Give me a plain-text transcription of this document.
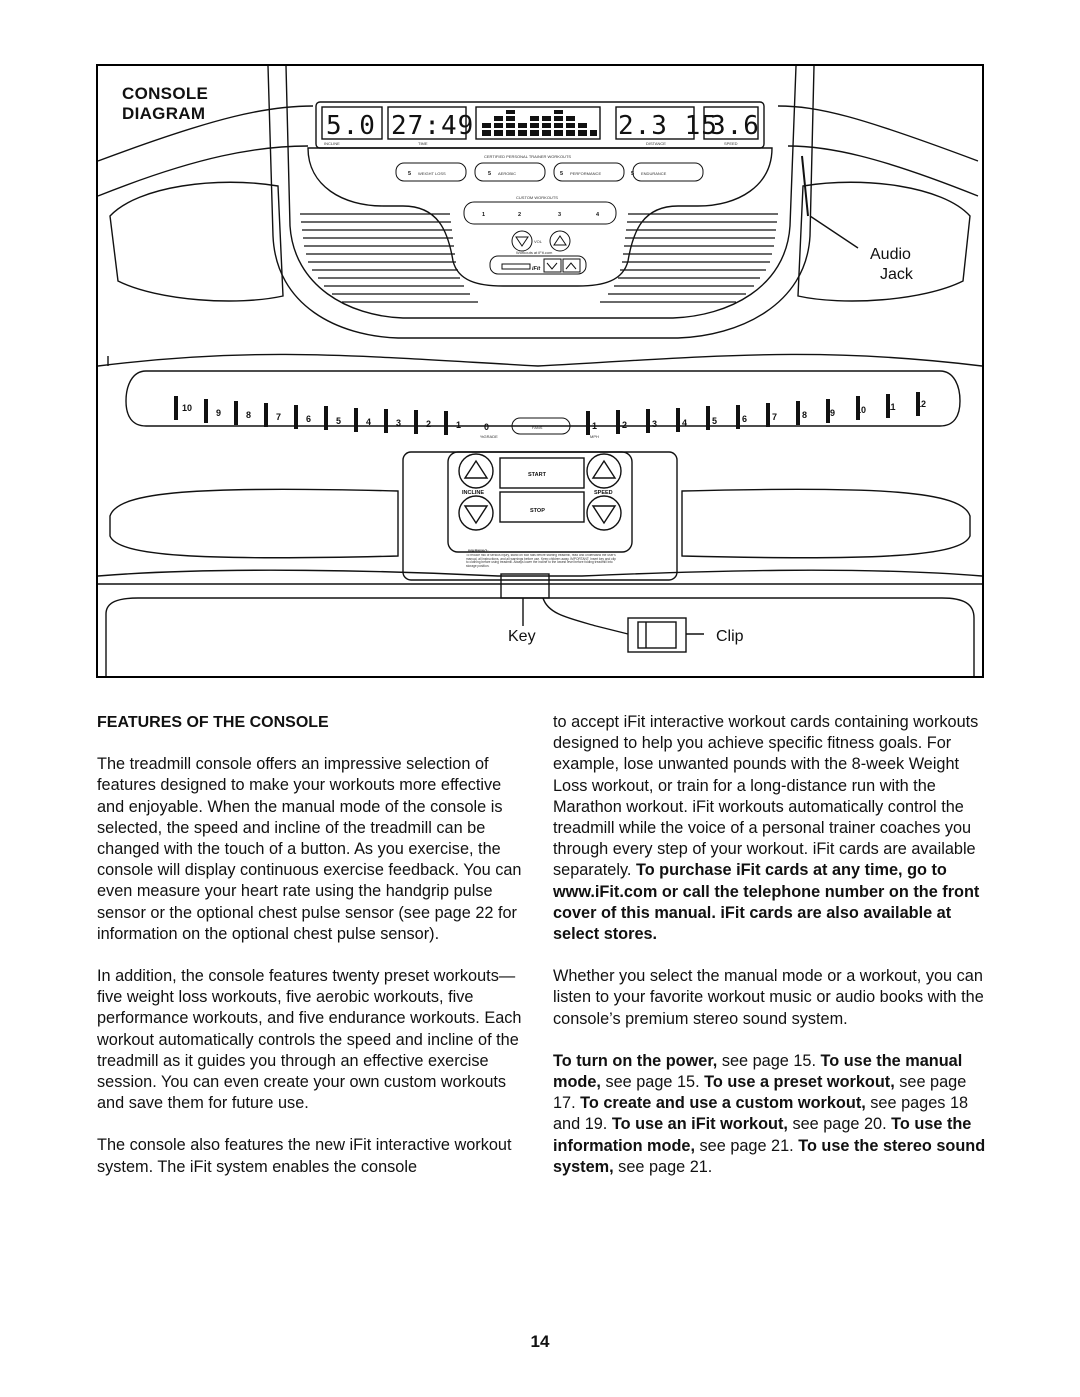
5.0 27:49	2.3 15
3.6
INCLINE	TIME	DISTANCE	SPEED
CERTIFIED PERSONAL TRAINER WORKOUTS
5 WEIGHT LOSS	5 AEROBIC	5 PERFORMANCE	5 ENDURANCE
CUSTOM WORKOUTS
1	2	3	4
VOL
Workouts at iFit.com
iFit
10	9	8	7	6	5	4	3	2	1	0
%GRADE
FANS	1	2	3	4	5	6	7	8	9 10 11 12
MPH
START
STOP
INCLINE	SPEED
WARNING:
To reduce risk of serious injury, stand on foot rails before starting treadmill, read and understand the user's manual, all instructions, and all warnings before use. Keep children away. IMPORTANT: Insert key and clip to clothing before using treadmill. Always lower the incline to the lowest level before folding treadmill into storage position.
CONSOLE
DIAGRAM
Audio
Jack
Key	Clip
FEATURES OF THE CONSOLE

The treadmill console offers an impressive selection of features designed to make your workouts more effective and enjoyable. When the manual mode of the console is selected, the speed and incline of the treadmill can be changed with the touch of a button. As you exercise, the console will display continuous exercise feedback. You can even measure your heart rate using the handgrip pulse sensor or the optional chest pulse sensor (see page 22 for information on the optional chest pulse sensor).

In addition, the console features twenty preset workouts—five weight loss workouts, five aerobic workouts, five performance workouts, and five endurance workouts. Each workout automatically controls the speed and incline of the treadmill as it guides you through an effective exercise session. You can even create your own custom workouts and save them for future use.

The console also features the new iFit interactive workout system. The iFit system enables the console

to accept iFit interactive workout cards containing workouts designed to help you achieve specific fitness goals. For example, lose unwanted pounds with the 8-week Weight Loss workout, or train for a long-distance run with the Marathon workout. iFit workouts automatically control the treadmill while the voice of a personal trainer coaches you through every step of your workout. iFit cards are available separately. To purchase iFit cards at any time, go to www.iFit.com or call the telephone number on the front cover of this manual. iFit cards are also available at select stores.

Whether you select the manual mode or a workout, you can listen to your favorite workout music or audio books with the console’s premium stereo sound system.

To turn on the power, see page 15. To use the manual mode, see page 15. To use a preset workout, see page 17. To create and use a custom workout, see pages 18 and 19. To use an iFit workout, see page 20. To use the information mode, see page 21. To use the stereo sound system, see page 21.

14
